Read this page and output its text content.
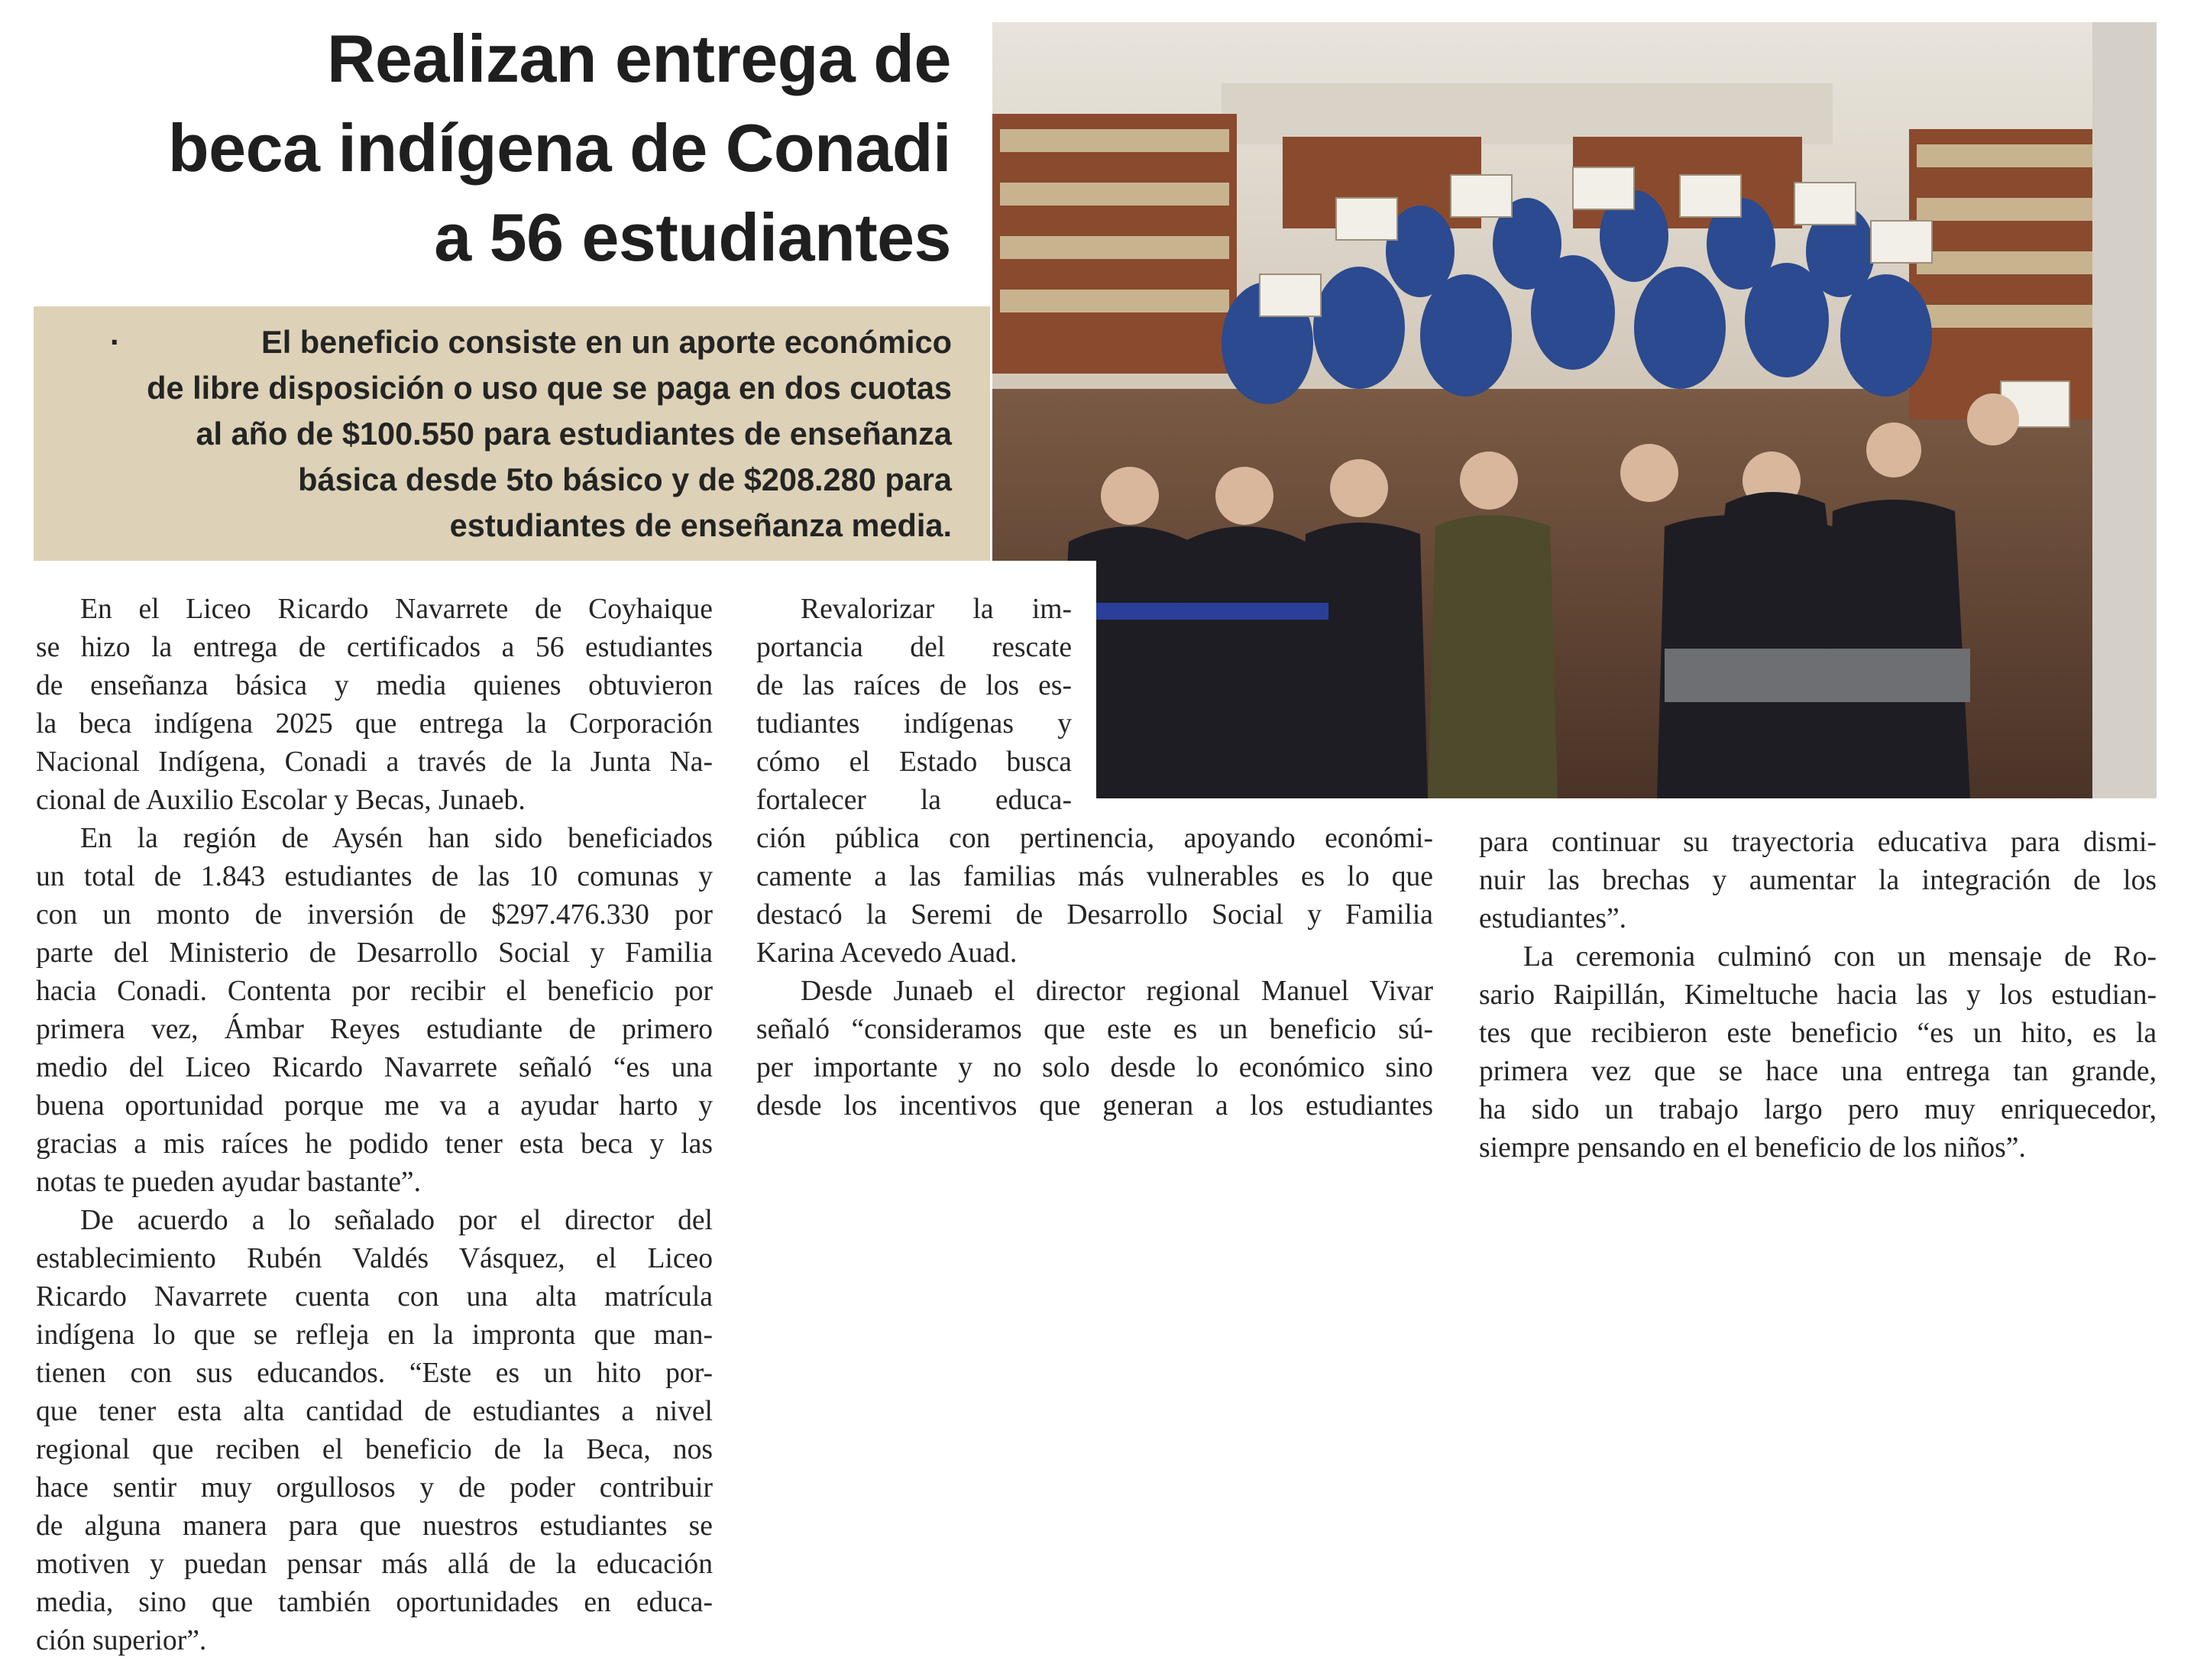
Realizan entrega de
beca indígena de Conadi
a 56 estudiantes

·	El beneficio consiste en un aporte económico
de libre disposición o uso que se paga en dos cuotas
al año de $100.550 para estudiantes de enseñanza
básica desde 5to básico y de $208.280 para
estudiantes de enseñanza media.

En el Liceo Ricardo Navarrete de Coyhaique
se hizo la entrega de certificados a 56 estudiantes
de enseñanza básica y media quienes obtuvieron
la beca indígena 2025 que entrega la Corporación
Nacional Indígena, Conadi a través de la Junta Na-
cional de Auxilio Escolar y Becas, Junaeb.
En la región de Aysén han sido beneficiados
un total de 1.843 estudiantes de las 10 comunas y
con un monto de inversión de $297.476.330 por
parte del Ministerio de Desarrollo Social y Familia
hacia Conadi. Contenta por recibir el beneficio por
primera vez, Ámbar Reyes estudiante de primero
medio del Liceo Ricardo Navarrete señaló “es una
buena oportunidad porque me va a ayudar harto y
gracias a mis raíces he podido tener esta beca y las
notas te pueden ayudar bastante”.
De acuerdo a lo señalado por el director del
establecimiento Rubén Valdés Vásquez, el Liceo
Ricardo Navarrete cuenta con una alta matrícula
indígena lo que se refleja en la impronta que man-
tienen con sus educandos. “Este es un hito por-
que tener esta alta cantidad de estudiantes a nivel
regional que reciben el beneficio de la Beca, nos
hace sentir muy orgullosos y de poder contribuir
de alguna manera para que nuestros estudiantes se
motiven y puedan pensar más allá de la educación
media, sino que también oportunidades en educa-
ción superior”.
Revalorizar la im-
portancia del rescate
de las raíces de los es-
tudiantes indígenas y
cómo el Estado busca
fortalecer la educa-
ción pública con pertinencia, apoyando económi-
camente a las familias más vulnerables es lo que
destacó la Seremi de Desarrollo Social y Familia
Karina Acevedo Auad.
Desde Junaeb el director regional Manuel Vivar
señaló “consideramos que este es un beneficio sú-
per importante y no solo desde lo económico sino
desde los incentivos que generan a los estudiantes
para continuar su trayectoria educativa para dismi-
nuir las brechas y aumentar la integración de los
estudiantes”.
La ceremonia culminó con un mensaje de Ro-
sario Raipillán, Kimeltuche hacia las y los estudian-
tes que recibieron este beneficio “es un hito, es la
primera vez que se hace una entrega tan grande,
ha sido un trabajo largo pero muy enriquecedor,
siempre pensando en el beneficio de los niños”.
